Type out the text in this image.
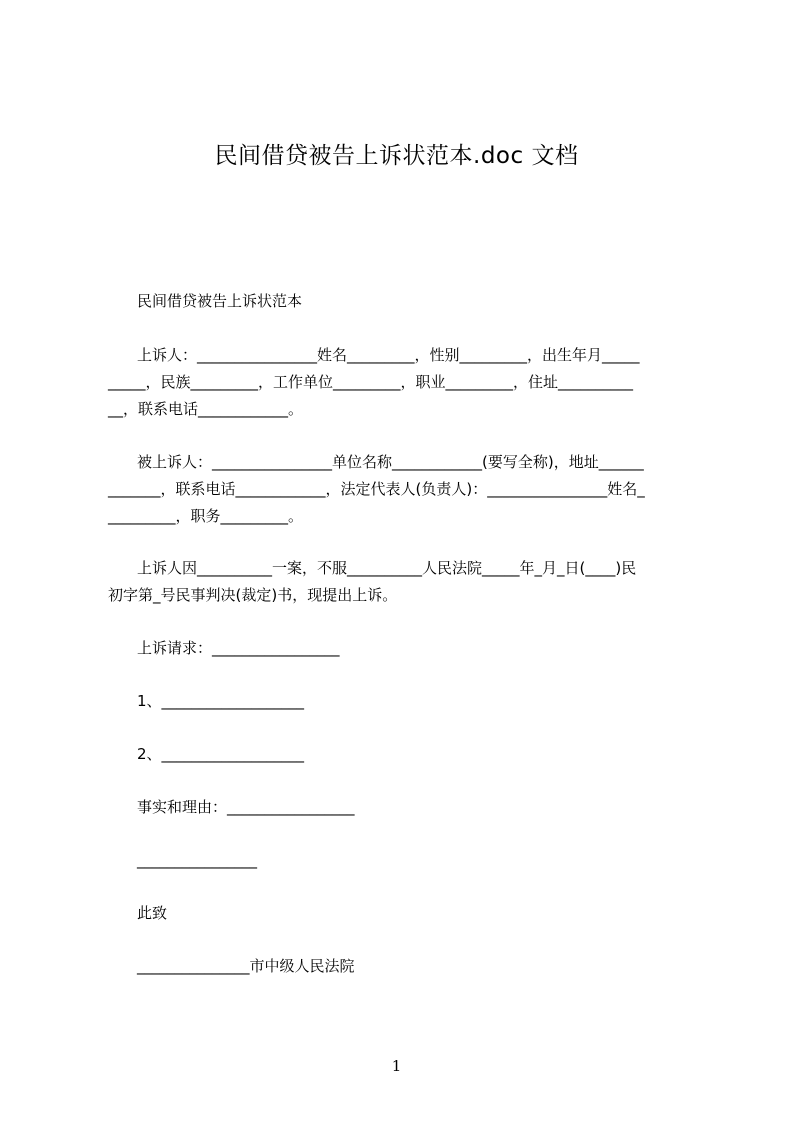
民间借贷被告上诉状范本.doc 文档
民间借贷被告上诉状范本
上诉人：________________姓名_________，性别_________，出生年月_____
_____，民族_________，工作单位_________，职业_________，住址__________
__，联系电话____________。
被上诉人：________________单位名称____________(要写全称)，地址______
_______，联系电话____________，法定代表人(负责人)：________________姓名_
_________，职务_________。
上诉人因__________一案，不服__________人民法院_____年_月_日(____)民
初字第_号民事判决(裁定)书，现提出上诉。
上诉请求：_________________
1、___________________
2、___________________
事实和理由：_________________
________________
此致
_______________市中级人民法院
1
